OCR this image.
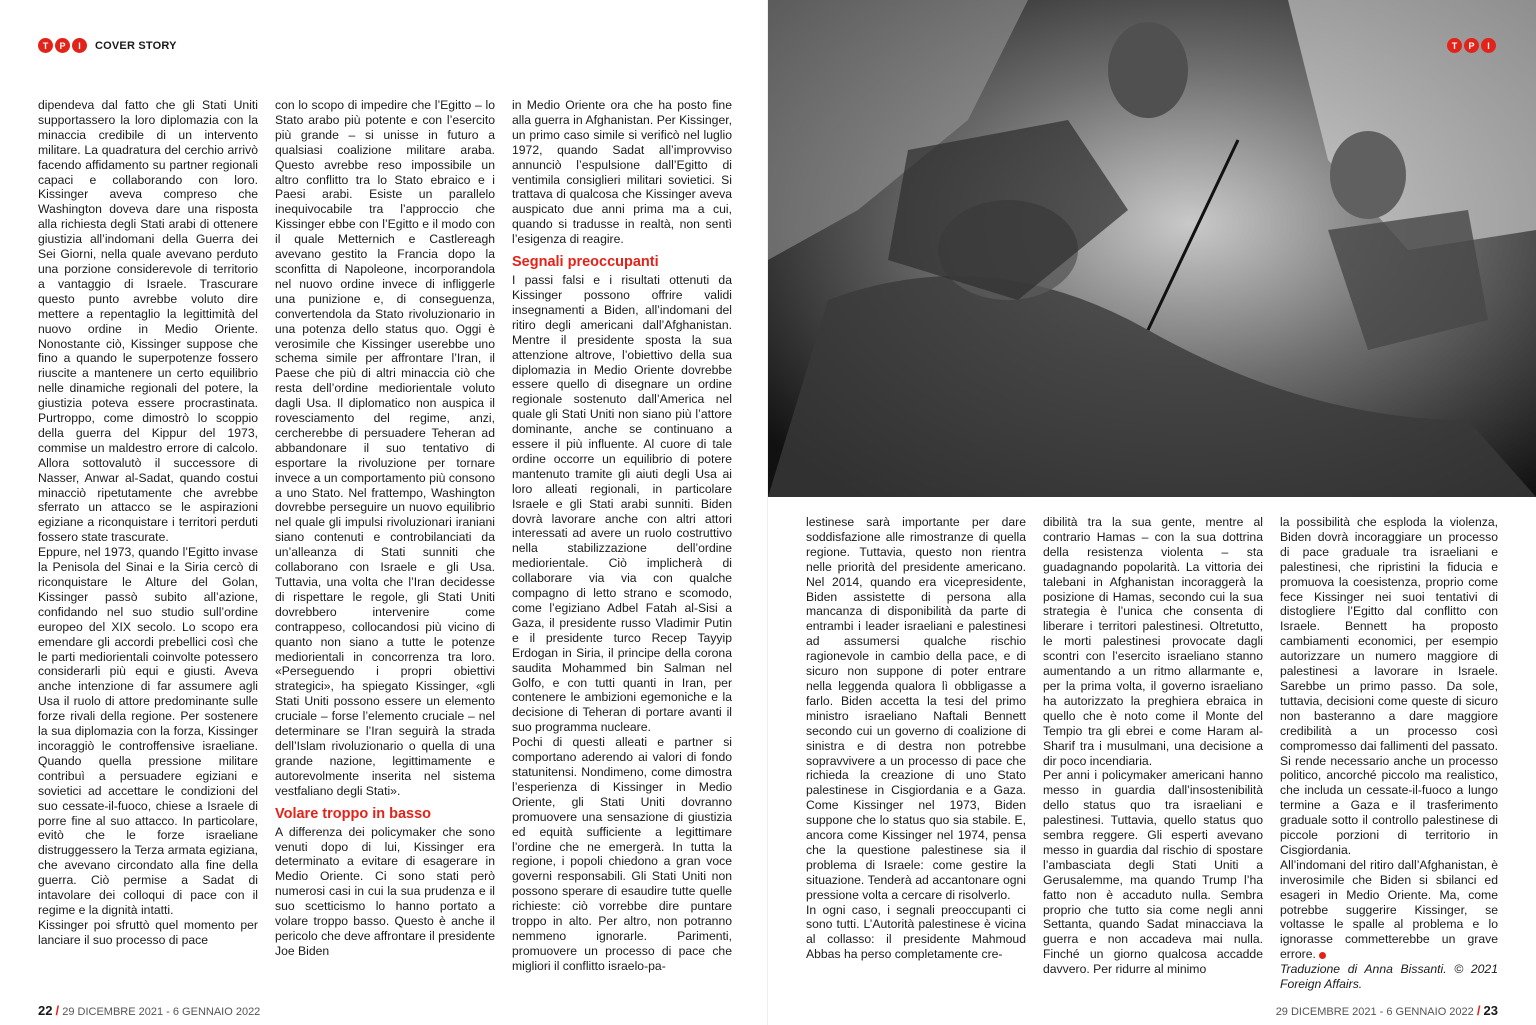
T	P	I	COVER STORY

dipendeva dal fatto che gli Stati Uniti supportassero la loro diplomazia con la minaccia credibile di un intervento militare. La quadratura del cerchio arrivò facendo affidamento su partner regionali capaci e collaborando con loro. Kissinger aveva compreso che Washington doveva dare una risposta alla richiesta degli Stati arabi di ottenere giustizia all’indomani della Guerra dei Sei Giorni, nella quale avevano perduto una porzione considerevole di territorio a vantaggio di Israele. Trascurare questo punto avrebbe voluto dire mettere a repentaglio la legittimità del nuovo ordine in Medio Oriente. Nonostante ciò, Kissinger suppose che fino a quando le superpotenze fossero riuscite a mantenere un certo equilibrio nelle dinamiche regionali del potere, la giustizia poteva essere procrastinata. Purtroppo, come dimostrò lo scoppio della guerra del Kippur del 1973, commise un maldestro errore di calcolo. Allora sottovalutò il successore di Nasser, Anwar al-Sadat, quando costui minacciò ripetutamente che avrebbe sferrato un attacco se le aspirazioni egiziane a riconquistare i territori perduti fossero state trascurate.

Eppure, nel 1973, quando l’Egitto invase la Penisola del Sinai e la Siria cercò di riconquistare le Alture del Golan, Kissinger passò subito all’azione, confidando nel suo studio sull’ordine europeo del XIX secolo. Lo scopo era emendare gli accordi prebellici così che le parti mediorientali coinvolte potessero considerarli più equi e giusti. Aveva anche intenzione di far assumere agli Usa il ruolo di attore predominante sulle forze rivali della regione. Per sostenere la sua diplomazia con la forza, Kissinger incoraggiò le controffensive israeliane. Quando quella pressione militare contribuì a persuadere egiziani e sovietici ad accettare le condizioni del suo cessate-il-fuoco, chiese a Israele di porre fine al suo attacco. In particolare, evitò che le forze israeliane distruggessero la Terza armata egiziana, che avevano circondato alla fine della guerra. Ciò permise a Sadat di intavolare dei colloqui di pace con il regime e la dignità intatti.

Kissinger poi sfruttò quel momento per lanciare il suo processo di pace

con lo scopo di impedire che l’Egitto – lo Stato arabo più potente e con l’esercito più grande – si unisse in futuro a qualsiasi coalizione militare araba. Questo avrebbe reso impossibile un altro conflitto tra lo Stato ebraico e i Paesi arabi. Esiste un parallelo inequivocabile tra l’approccio che Kissinger ebbe con l’Egitto e il modo con il quale Metternich e Castlereagh avevano gestito la Francia dopo la sconfitta di Napoleone, incorporandola nel nuovo ordine invece di infliggerle una punizione e, di conseguenza, convertendola da Stato rivoluzionario in una potenza dello status quo. Oggi è verosimile che Kissinger userebbe uno schema simile per affrontare l’Iran, il Paese che più di altri minaccia ciò che resta dell’ordine mediorientale voluto dagli Usa. Il diplomatico non auspica il rovesciamento del regime, anzi, cercherebbe di persuadere Teheran ad abbandonare il suo tentativo di esportare la rivoluzione per tornare invece a un comportamento più consono a uno Stato. Nel frattempo, Washington dovrebbe perseguire un nuovo equilibrio nel quale gli impulsi rivoluzionari iraniani siano contenuti e controbilanciati da un’alleanza di Stati sunniti che collaborano con Israele e gli Usa. Tuttavia, una volta che l’Iran decidesse di rispettare le regole, gli Stati Uniti dovrebbero intervenire come contrappeso, collocandosi più vicino di quanto non siano a tutte le potenze mediorientali in concorrenza tra loro. «Perseguendo i propri obiettivi strategici», ha spiegato Kissinger, «gli Stati Uniti possono essere un elemento cruciale – forse l’elemento cruciale – nel determinare se l’Iran seguirà la strada dell’Islam rivoluzionario o quella di una grande nazione, legittimamente e autorevolmente inserita nel sistema vestfaliano degli Stati».

Volare troppo in basso

A differenza dei policymaker che sono venuti dopo di lui, Kissinger era determinato a evitare di esagerare in Medio Oriente. Ci sono stati però numerosi casi in cui la sua prudenza e il suo scetticismo lo hanno portato a volare troppo basso. Questo è anche il pericolo che deve affrontare il presidente Joe Biden

in Medio Oriente ora che ha posto fine alla guerra in Afghanistan. Per Kissinger, un primo caso simile si verificò nel luglio 1972, quando Sadat all’improvviso annunciò l’espulsione dall’Egitto di ventimila consiglieri militari sovietici. Si trattava di qualcosa che Kissinger aveva auspicato due anni prima ma a cui, quando si tradusse in realtà, non sentì l’esigenza di reagire.

Segnali preoccupanti

I passi falsi e i risultati ottenuti da Kissinger possono offrire validi insegnamenti a Biden, all’indomani del ritiro degli americani dall’Afghanistan. Mentre il presidente sposta la sua attenzione altrove, l’obiettivo della sua diplomazia in Medio Oriente dovrebbe essere quello di disegnare un ordine regionale sostenuto dall’America nel quale gli Stati Uniti non siano più l’attore dominante, anche se continuano a essere il più influente. Al cuore di tale ordine occorre un equilibrio di potere mantenuto tramite gli aiuti degli Usa ai loro alleati regionali, in particolare Israele e gli Stati arabi sunniti. Biden dovrà lavorare anche con altri attori interessati ad avere un ruolo costruttivo nella stabilizzazione dell’ordine mediorientale. Ciò implicherà di collaborare via via con qualche compagno di letto strano e scomodo, come l’egiziano Adbel Fatah al-Sisi a Gaza, il presidente russo Vladimir Putin e il presidente turco Recep Tayyip Erdogan in Siria, il principe della corona saudita Mohammed bin Salman nel Golfo, e con tutti quanti in Iran, per contenere le ambizioni egemoniche e la decisione di Teheran di portare avanti il suo programma nucleare.

Pochi di questi alleati e partner si comportano aderendo ai valori di fondo statunitensi. Nondimeno, come dimostra l’esperienza di Kissinger in Medio Oriente, gli Stati Uniti dovranno promuovere una sensazione di giustizia ed equità sufficiente a legittimare l’ordine che ne emergerà. In tutta la regione, i popoli chiedono a gran voce governi responsabili. Gli Stati Uniti non possono sperare di esaudire tutte quelle richieste: ciò vorrebbe dire puntare troppo in alto. Per altro, non potranno nemmeno ignorarle. Parimenti, promuovere un processo di pace che migliori il conflitto israelo-pa-

T	P	I

lestinese sarà importante per dare soddisfazione alle rimostranze di quella regione. Tuttavia, questo non rientra nelle priorità del presidente americano. Nel 2014, quando era vicepresidente, Biden assistette di persona alla mancanza di disponibilità da parte di entrambi i leader israeliani e palestinesi ad assumersi qualche rischio ragionevole in cambio della pace, e di sicuro non suppone di poter entrare nella leggenda qualora lì obbligasse a farlo. Biden accetta la tesi del primo ministro israeliano Naftali Bennett secondo cui un governo di coalizione di sinistra e di destra non potrebbe sopravvivere a un processo di pace che richieda la creazione di uno Stato palestinese in Cisgiordania e a Gaza. Come Kissinger nel 1973, Biden suppone che lo status quo sia stabile. E, ancora come Kissinger nel 1974, pensa che la questione palestinese sia il problema di Israele: come gestire la situazione. Tenderà ad accantonare ogni pressione volta a cercare di risolverlo.

In ogni caso, i segnali preoccupanti ci sono tutti. L’Autorità palestinese è vicina al collasso: il presidente Mahmoud Abbas ha perso completamente cre-

dibilità tra la sua gente, mentre al contrario Hamas – con la sua dottrina della resistenza violenta – sta guadagnando popolarità. La vittoria dei talebani in Afghanistan incoraggerà la posizione di Hamas, secondo cui la sua strategia è l’unica che consenta di liberare i territori palestinesi. Oltretutto, le morti palestinesi provocate dagli scontri con l’esercito israeliano stanno aumentando a un ritmo allarmante e, per la prima volta, il governo israeliano ha autorizzato la preghiera ebraica in quello che è noto come il Monte del Tempio tra gli ebrei e come Haram al-Sharif tra i musulmani, una decisione a dir poco incendiaria.

Per anni i policymaker americani hanno messo in guardia dall’insostenibilità dello status quo tra israeliani e palestinesi. Tuttavia, quello status quo sembra reggere. Gli esperti avevano messo in guardia dal rischio di spostare l’ambasciata degli Stati Uniti a Gerusalemme, ma quando Trump l’ha fatto non è accaduto nulla. Sembra proprio che tutto sia come negli anni Settanta, quando Sadat minacciava la guerra e non accadeva mai nulla. Finché un giorno qualcosa accadde davvero. Per ridurre al minimo

la possibilità che esploda la violenza, Biden dovrà incoraggiare un processo di pace graduale tra israeliani e palestinesi, che ripristini la fiducia e promuova la coesistenza, proprio come fece Kissinger nei suoi tentativi di distogliere l’Egitto dal conflitto con Israele. Bennett ha proposto cambiamenti economici, per esempio autorizzare un numero maggiore di palestinesi a lavorare in Israele. Sarebbe un primo passo. Da sole, tuttavia, decisioni come queste di sicuro non basteranno a dare maggiore credibilità a un processo così compromesso dai fallimenti del passato. Si rende necessario anche un processo politico, ancorché piccolo ma realistico, che includa un cessate-il-fuoco a lungo termine a Gaza e il trasferimento graduale sotto il controllo palestinese di piccole porzioni di territorio in Cisgiordania.

All’indomani del ritiro dall’Afghanistan, è inverosimile che Biden si sbilanci ed esageri in Medio Oriente. Ma, come potrebbe suggerire Kissinger, se voltasse le spalle al problema e lo ignorasse commetterebbe un grave errore.

Traduzione di Anna Bissanti. © 2021 Foreign Affairs.

22 / 29 DICEMBRE 2021 - 6 GENNAIO 2022	29 DICEMBRE 2021 - 6 GENNAIO 2022 / 23
